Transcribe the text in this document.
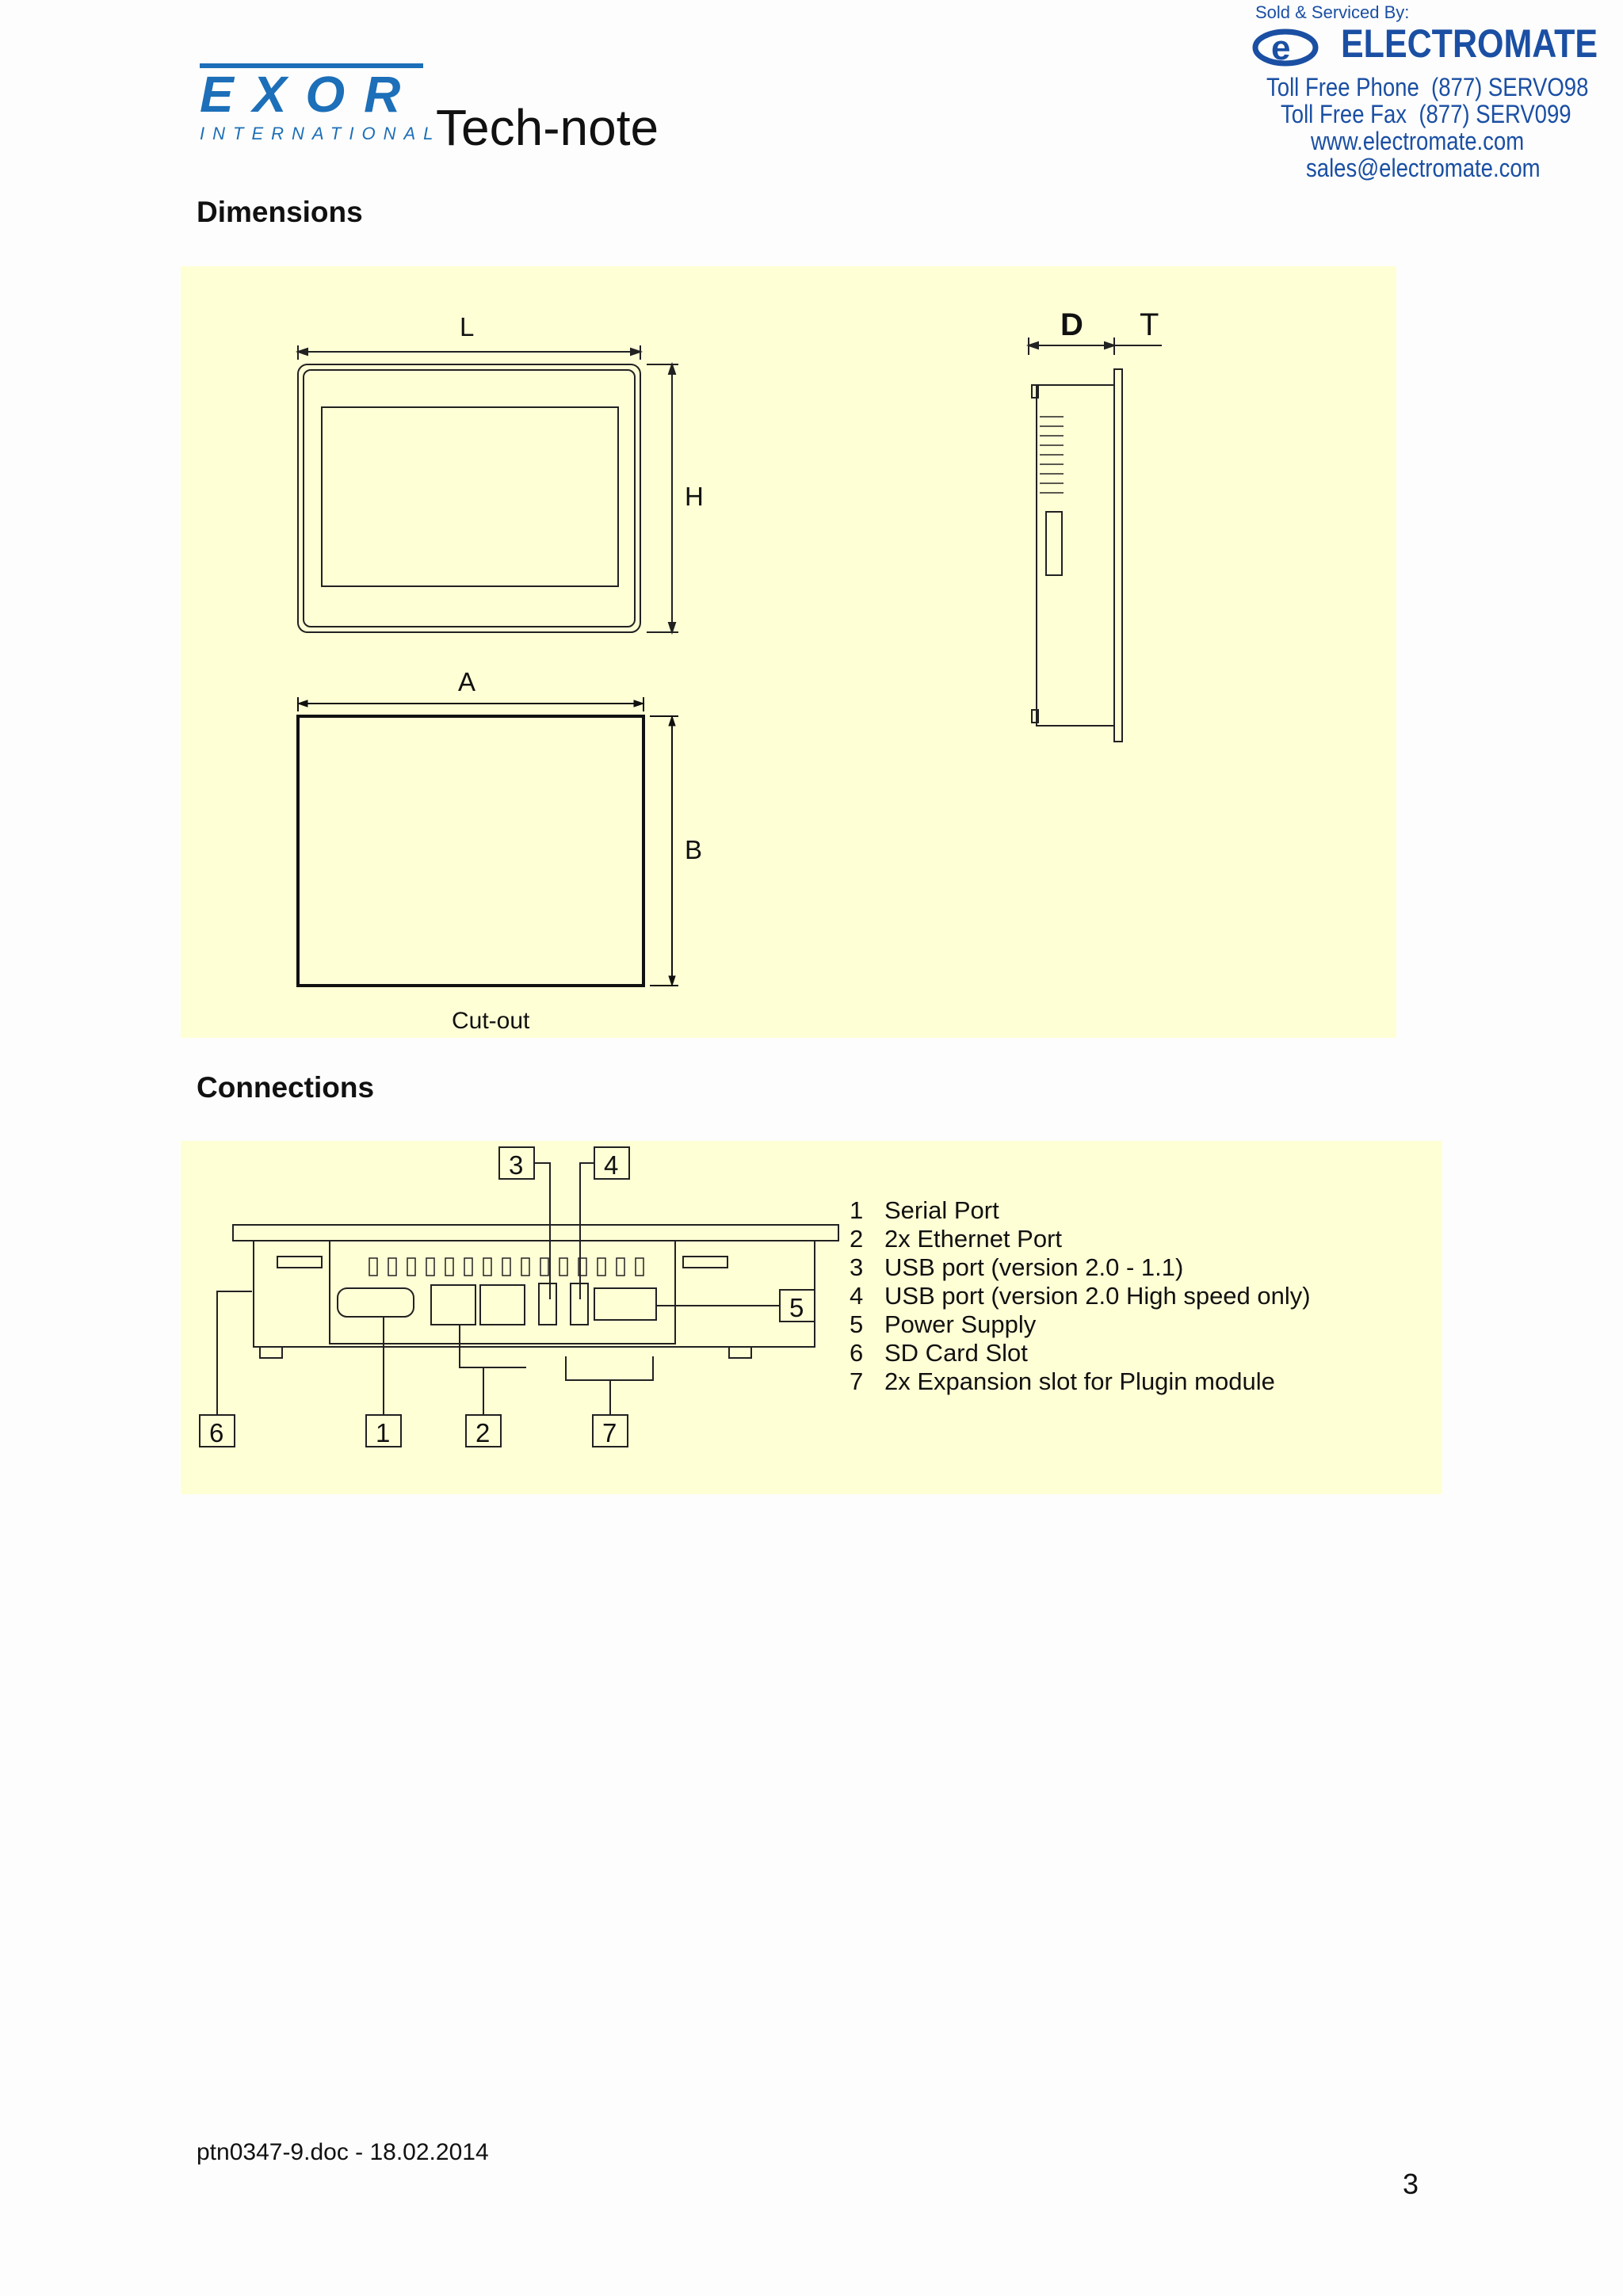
EXOR
INTERNATIONAL
Tech-note
Sold & Serviced By:
e ELECTROMATE
Toll Free Phone  (877) SERVO98
Toll Free Fax  (877) SERV099
www.electromate.com
sales@electromate.com
Dimensions
L
H
A
B
D T
Cut-out
Connections
3	4
5
6	1	2	7
1 Serial Port
2 2x Ethernet Port
3 USB port (version 2.0 - 1.1)
4 USB port (version 2.0 High speed only)
5 Power Supply
6 SD Card Slot
7 2x Expansion slot for Plugin module
ptn0347-9.doc - 18.02.2014
3
